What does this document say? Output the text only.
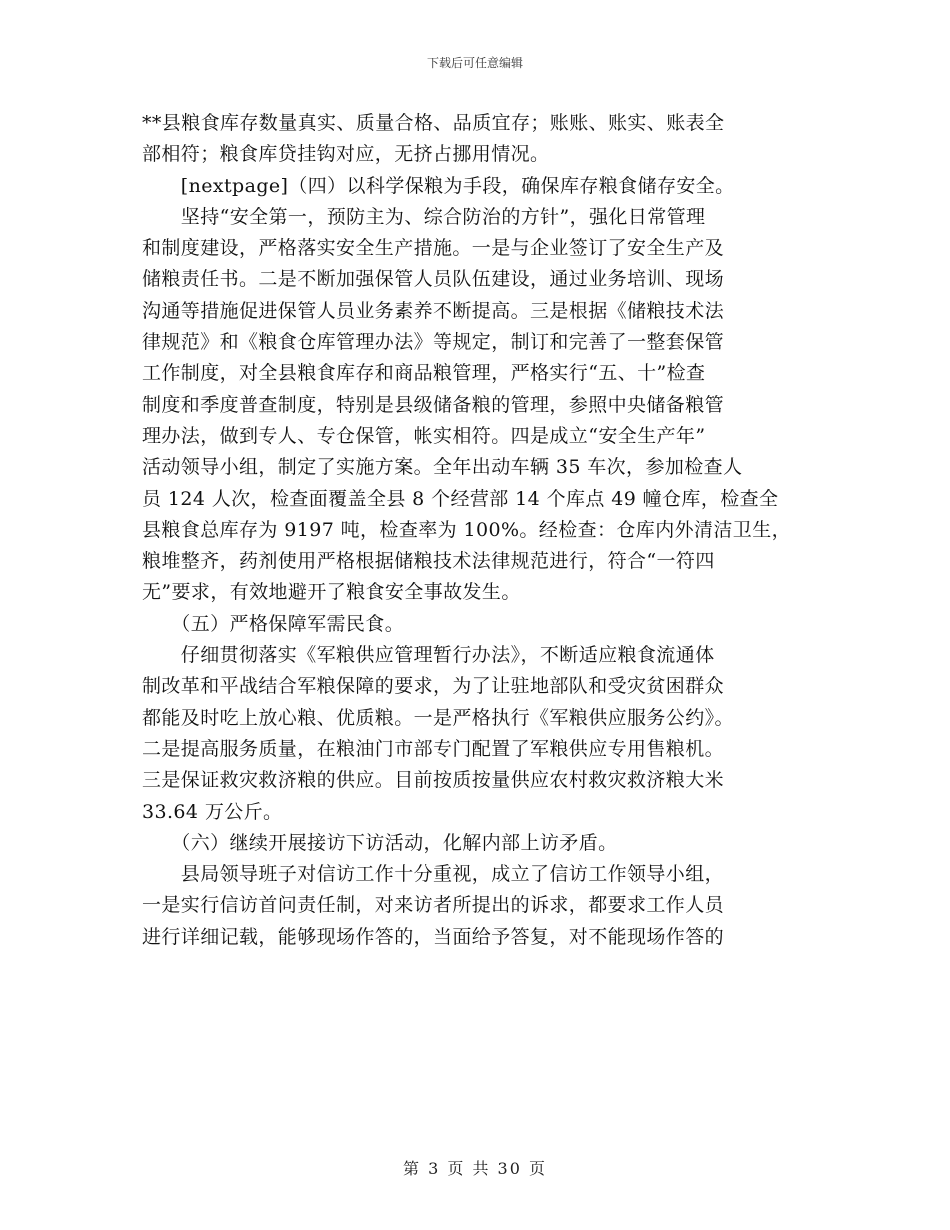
下载后可任意编辑
**县粮食库存数量真实、质量合格、品质宜存；账账、账实、账表全
部相符；粮食库贷挂钩对应，无挤占挪用情况。
　　[nextpage]（四）以科学保粮为手段，确保库存粮食储存安全。
　　坚持“安全第一，预防主为、综合防治的方针”，强化日常管理
和制度建设，严格落实安全生产措施。一是与企业签订了安全生产及
储粮责任书。二是不断加强保管人员队伍建设，通过业务培训、现场
沟通等措施促进保管人员业务素养不断提高。三是根据《储粮技术法
律规范》和《粮食仓库管理办法》等规定，制订和完善了一整套保管
工作制度，对全县粮食库存和商品粮管理，严格实行“五、十”检查
制度和季度普查制度，特别是县级储备粮的管理，参照中央储备粮管
理办法，做到专人、专仓保管，帐实相符。四是成立“安全生产年”
活动领导小组，制定了实施方案。全年出动车辆 35 车次，参加检查人
员 124 人次，检查面覆盖全县 8 个经营部 14 个库点 49 幢仓库，检查全
县粮食总库存为 9197 吨，检查率为 100%。经检查：仓库内外清洁卫生，
粮堆整齐，药剂使用严格根据储粮技术法律规范进行，符合“一符四
无”要求，有效地避开了粮食安全事故发生。
　　（五）严格保障军需民食。
　　仔细贯彻落实《军粮供应管理暂行办法》，不断适应粮食流通体
制改革和平战结合军粮保障的要求，为了让驻地部队和受灾贫困群众
都能及时吃上放心粮、优质粮。一是严格执行《军粮供应服务公约》。
二是提高服务质量，在粮油门市部专门配置了军粮供应专用售粮机。
三是保证救灾救济粮的供应。目前按质按量供应农村救灾救济粮大米
33.64 万公斤。
　　（六）继续开展接访下访活动，化解内部上访矛盾。
　　县局领导班子对信访工作十分重视，成立了信访工作领导小组，
一是实行信访首问责任制，对来访者所提出的诉求，都要求工作人员
进行详细记载，能够现场作答的，当面给予答复，对不能现场作答的
第 3 页 共 30 页
